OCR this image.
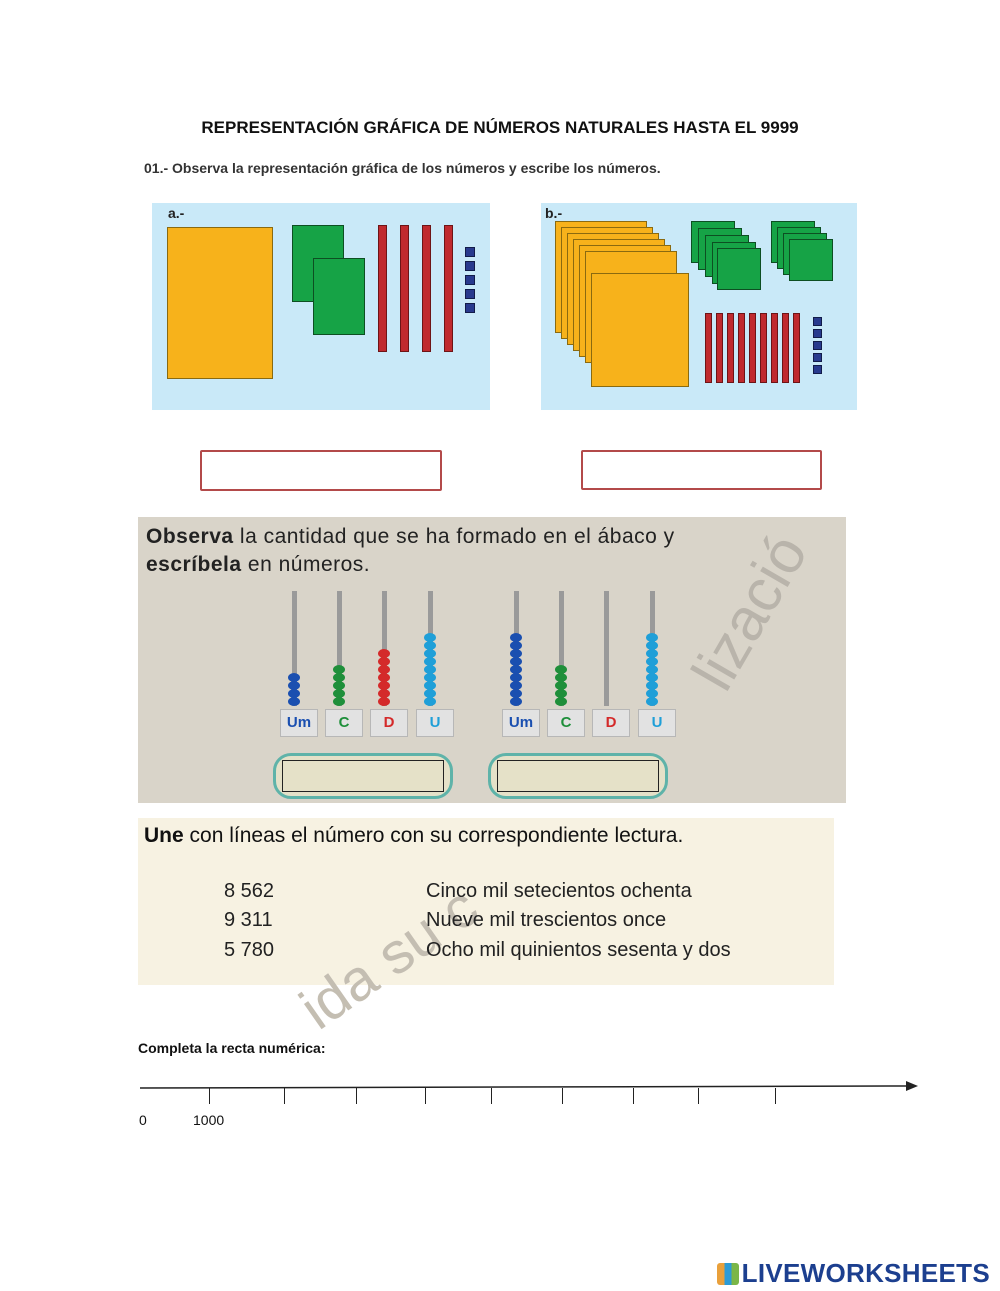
REPRESENTACIÓN GRÁFICA DE NÚMEROS NATURALES HASTA EL 9999
01.- Observa la representación gráfica de los números y escribe los números.
a.-	b.-
lizació
Observa la cantidad que se ha formado en el ábaco y
escríbela en números.
Um	C	D	U	Um	C	D	U
ida su c
Une con líneas el número con su correspondiente lectura.
8 562
9 311
5 780
Cinco mil setecientos ochenta
Nueve mil trescientos once
Ocho mil quinientos sesenta y dos
Completa la recta numérica:
0	1000
LIVEWORKSHEETS
